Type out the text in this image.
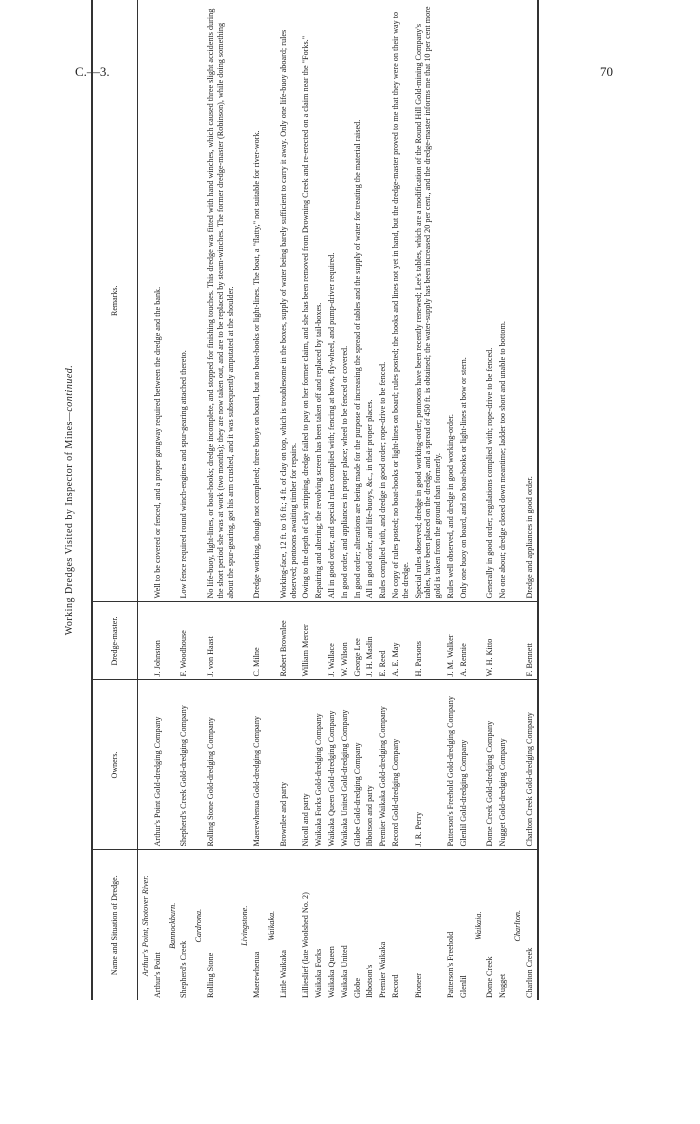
C.—3.	70
Working Dredges Visited by Inspector of Mines—continued.
Name and Situation of Dredge.	Owners.	Dredge-master.	Remarks.
Arthur's Point, Shotover River.			
Arthur's Point	Arthur's Point Gold-dredging Company	J. Johnston	Well to be covered or fenced, and a proper gangway required between the dredge and the bank.
Bannockburn.			
Shepherd's Creek	Shepherd's Creek Gold-dredging Company	F. Woodhouse	Low fence required round winch-engines and spur-gearing attached thereto.
Cardrona.			
Rolling Stone	Rolling Stone Gold-dredging Company	J. von Haast	No life-buoy, light-lines, or boat-hooks; dredge incomplete, and stopped for finishing touches. This dredge was fitted with hand winches, which caused three slight accidents during the short period she was at work (two months); they are now taken out, and are to be replaced by steam-winches. The former dredge-master (Robinson), while doing something about the spur-gearing, got his arm crushed, and it was subsequently amputated at the shoulder.
Livingstone.			
Maerewhenua	Maerewhenua Gold-dredging Company	C. Milne	Dredge working, though not completed; three buoys on board, but no boat-hooks or light-lines. The boat, a "flatty," not suitable for river-work.
Waikaka.			
Little Waikaka	Brownlee and party	Robert Brownlee	Working-face, 12 ft. to 16 ft.; 4 ft. of clay on top, which is troublesome in the boxes, supply of water being barely sufficient to carry it away. Only one life-buoy aboard; rules observed; pontoons awaiting timber for repairs.
Lillieslief (late Woolshed No. 2)	Nicoll and party	William Mercer	Owing to the depth of clay stripping, dredge failed to pay on her former claim, and she has been removed from Drowning Creek and re-erected on a claim near the "Forks."
Waikaka Forks	Waikaka Forks Gold-dredging Company		Repairing and altering; the revolving screen has been taken off and replaced by tail-boxes.
Waikaka Queen	Waikaka Queen Gold-dredging Company	J. Wallace	All in good order, and special rules complied with; fencing at bows, fly-wheel, and pump-driver required.
Waikaka United	Waikaka United Gold-dredging Company	W. Wilson	In good order, and appliances in proper place; wheel to be fenced or covered.
Globe	Globe Gold-dredging Company	George Lee	In good order; alterations are being made for the purpose of increasing the spread of tables and the supply of water for treating the material raised.
Ibbotson's	Ibbotson and party	J. H. Maslin	All in good order, and life-buoys, &c., in their proper places.
Premier Waikaka	Premier Waikaka Gold-dredging Company	E. Reed	Rules complied with, and dredge in good order; rope-drive to be fenced.
Record	Record Gold-dredging Company	A. E. May	No copy of rules posted; no boat-hooks or light-lines on board; rules posted; the hooks and lines not yet in hand, but the dredge-master proved to me that they were on their way to the dredge.
Pioneer	J. R. Perry	H. Parsons	Special rules observed; dredge in good working-order; pontoons have been recently renewed; Lee's tables, which are a modification of the Round Hill Gold-mining Company's tables, have been placed on the dredge, and a spread of 450 ft. is obtained; the water-supply has been increased 20 per cent., and the dredge-master informs me that 10 per cent more gold is taken from the ground than formerly.
Patterson's Freehold	Patterson's Freehold Gold-dredging Company	J. M. Walker	Rules well observed, and dredge in good working-order.
Glenlil	Glenlil Gold-dredging Company	A. Rennie	Only one buoy on board, and no boat-hooks or light-lines at bow or stern.
Waikaia.			
Dome Creek	Dome Creek Gold-dredging Company	W. H. Kitto	Generally in good order; regulations complied with; rope-drive to be fenced.
Nugget	Nugget Gold-dredging Company		No one about; dredge closed down meantime; ladder too short and unable to bottom.
Charlton.			
Charlton Creek	Charlton Creek Gold-dredging Company	F. Bennett	Dredge and appliances in good order.
